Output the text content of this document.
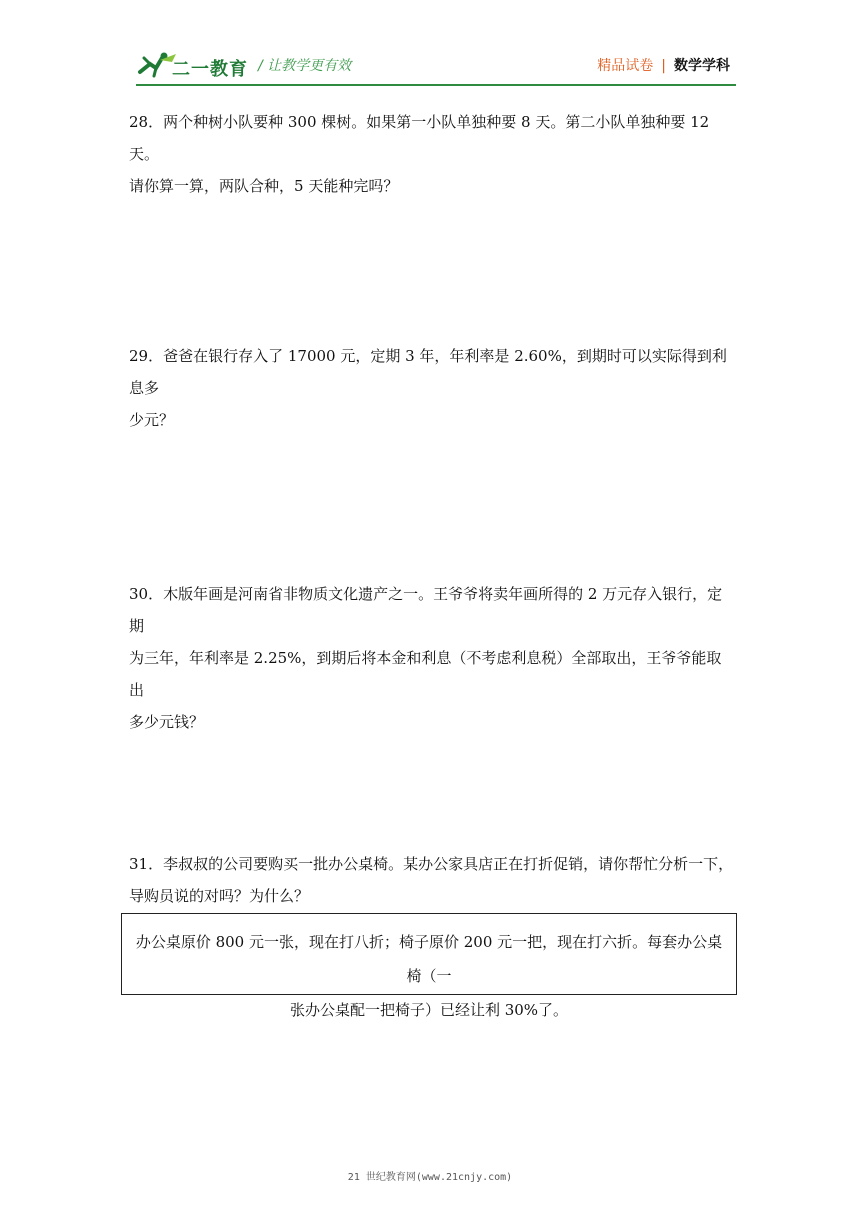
二一教育 / 让教学更有效	精品试卷 | 数学学科

28．两个种树小队要种 300 棵树。如果第一小队单独种要 8 天。第二小队单独种要 12 天。

请你算一算，两队合种，5 天能种完吗？

29．爸爸在银行存入了 17000 元，定期 3 年，年利率是 2.60%，到期时可以实际得到利息多

少元？

30．木版年画是河南省非物质文化遗产之一。王爷爷将卖年画所得的 2 万元存入银行，定期

为三年，年利率是 2.25%，到期后将本金和利息（不考虑利息税）全部取出，王爷爷能取出

多少元钱？

31．李叔叔的公司要购买一批办公桌椅。某办公家具店正在打折促销，请你帮忙分析一下，

导购员说的对吗？为什么？

办公桌原价 800 元一张，现在打八折；椅子原价 200 元一把，现在打六折。每套办公桌椅（一
张办公桌配一把椅子）已经让利 30%了。
21 世纪教育网(www.21cnjy.com)
